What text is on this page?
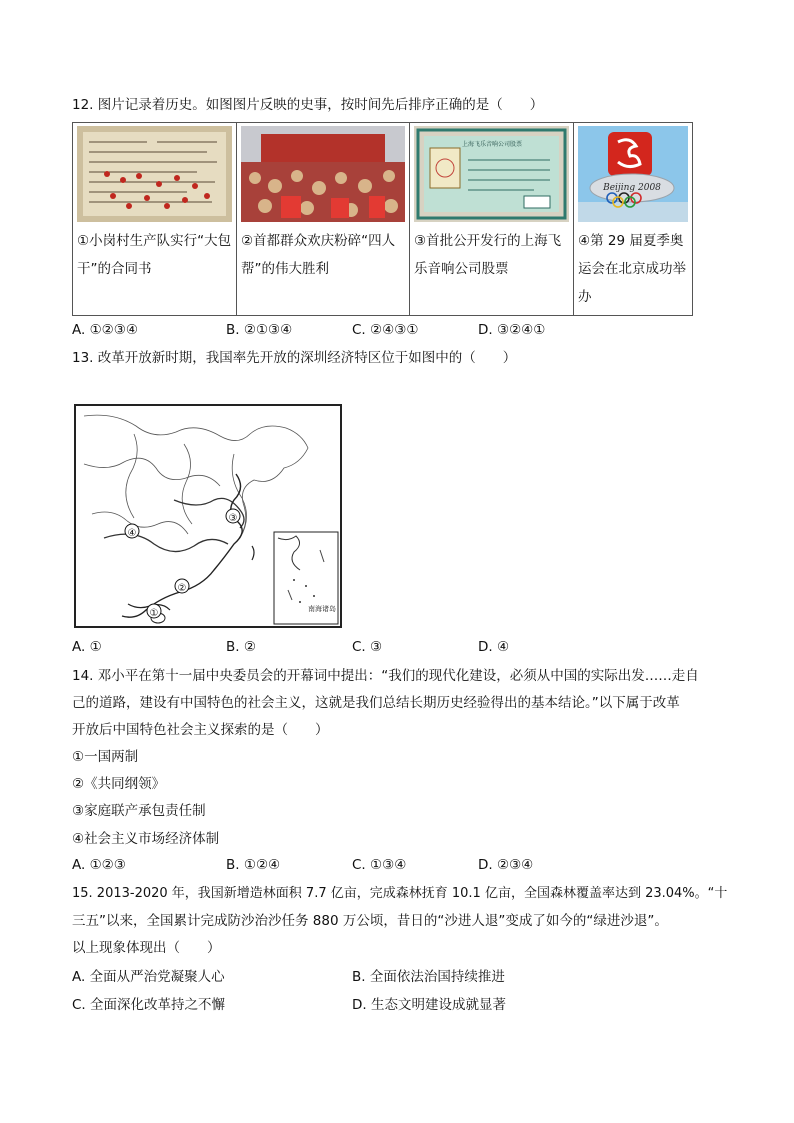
12. 图片记录着历史。如图图片反映的史事，按时间先后排序正确的是（　　）
①小岗村生产队实行“大包干”的合同书

②首都群众欢庆粉碎“四人帮”的伟大胜利

上海飞乐音响公司股票
③首批公开发行的上海飞乐音响公司股票

Beijing 2008
④第 29 届夏季奥运会在北京成功举办
A. ①②③④	B. ②①③④	C. ②④③①	D. ③②④①
13. 改革开放新时期，我国率先开放的深圳经济特区位于如图中的（　　）
南海诸岛
①
②
③
④
A. ①	B. ②	C. ③	D. ④
14. 邓小平在第十一届中央委员会的开幕词中提出：“我们的现代化建设，必须从中国的实际出发……走自
己的道路，建设有中国特色的社会主义，这就是我们总结长期历史经验得出的基本结论。”以下属于改革
开放后中国特色社会主义探索的是（　　）
①一国两制
②《共同纲领》
③家庭联产承包责任制
④社会主义市场经济体制
A. ①②③	B. ①②④	C. ①③④	D. ②③④
15. 2013-2020 年，我国新增造林面积 7.7 亿亩，完成森林抚育 10.1 亿亩，全国森林覆盖率达到 23.04%。“十
三五”以来，全国累计完成防沙治沙任务 880 万公顷，昔日的“沙进人退”变成了如今的“绿进沙退”。
以上现象体现出（　　）
A. 全面从严治党凝聚人心	B. 全面依法治国持续推进
C. 全面深化改革持之不懈	D. 生态文明建设成就显著
